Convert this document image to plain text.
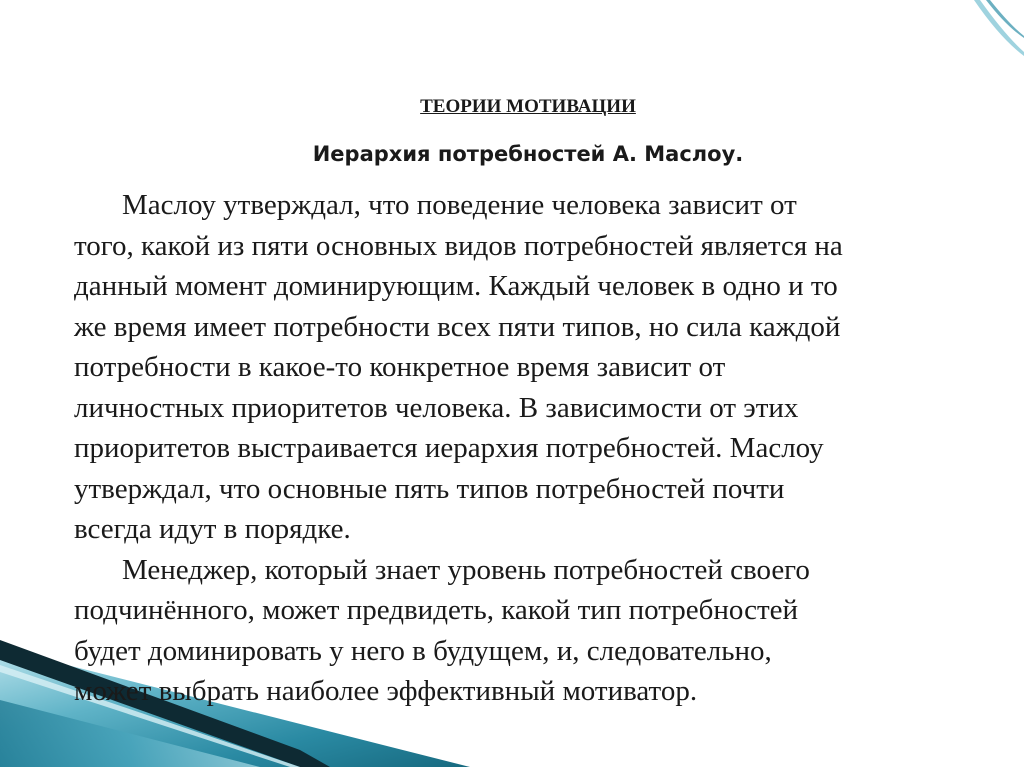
ТЕОРИИ МОТИВАЦИИ
Иерархия потребностей А. Маслоу.
Маслоу утверждал, что поведение человека зависит от
того, какой из пяти основных видов потребностей является на
данный момент доминирующим. Каждый человек в одно и то
же время имеет потребности всех пяти типов, но сила каждой
потребности в какое-то конкретное время зависит от
личностных приоритетов человека. В зависимости от этих
приоритетов выстраивается иерархия потребностей. Маслоу
утверждал, что основные пять типов потребностей почти
всегда идут в порядке.
Менеджер, который знает уровень потребностей своего
подчинённого, может предвидеть, какой тип потребностей
будет доминировать у него в будущем, и, следовательно,
может выбрать наиболее эффективный мотиватор.
